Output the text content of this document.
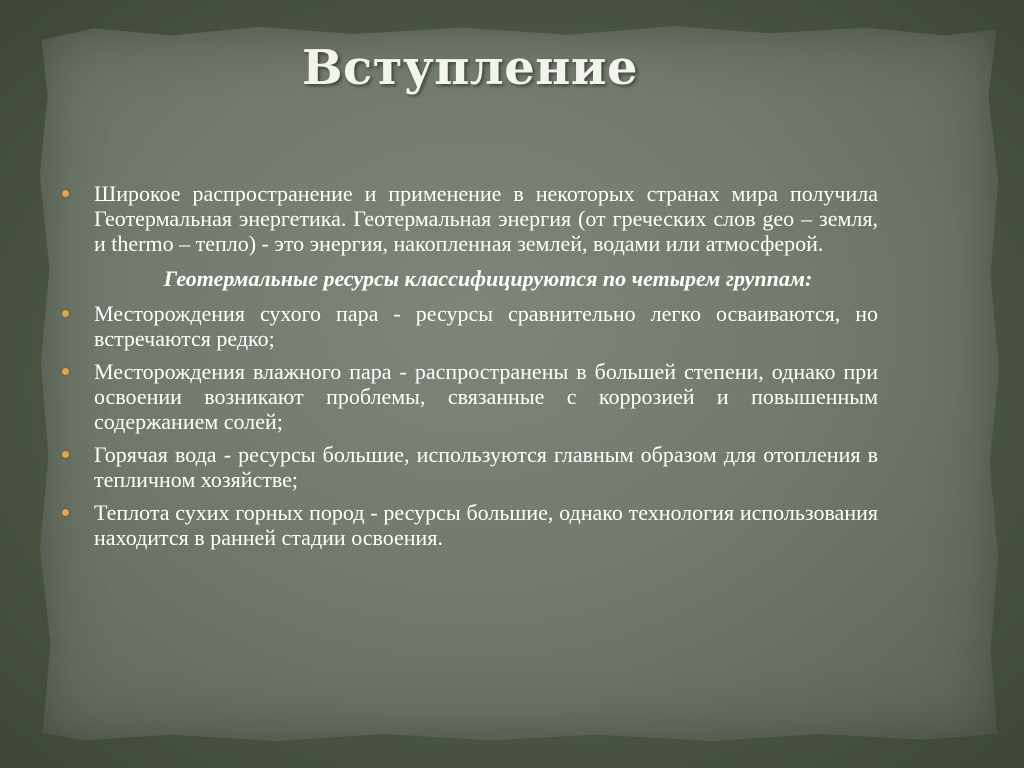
Вступление
Широкое распространение и применение в некоторых странах мира получила Геотермальная энергетика. Геотермальная энергия (от греческих слов geo – земля, и thermo – тепло) - это энергия, накопленная землей, водами или атмосферой.
Геотермальные ресурсы классифицируются по четырем группам:
Месторождения сухого пара - ресурсы сравнительно легко осваиваются, но встречаются редко;
Месторождения влажного пара - распространены в большей степени, однако при освоении возникают проблемы, связанные с коррозией и повышенным содержанием солей;
Горячая вода - ресурсы большие, используются главным образом для отопления в тепличном хозяйстве;
Теплота сухих горных пород - ресурсы большие, однако технология использования находится в ранней стадии освоения.
